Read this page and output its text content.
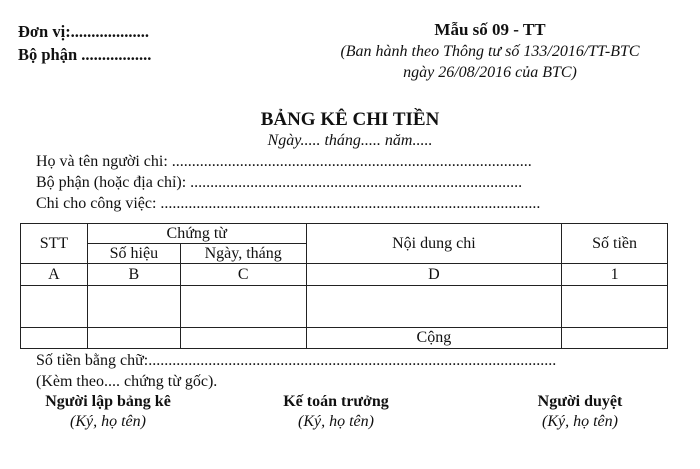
Đơn vị:...................
Bộ phận .................
Mẫu số 09 - TT
(Ban hành theo Thông tư số 133/2016/TT-BTC
ngày 26/08/2016 của BTC)
BẢNG KÊ CHI TIỀN
Ngày..... tháng..... năm.....
Họ và tên người chi: ..........................................................................................
Bộ phận (hoặc địa chỉ): ...................................................................................
Chi cho công việc: ...............................................................................................
STT	Chứng từ		Nội dung chi	Số tiền
	Số hiệu	Ngày, tháng		
A	B	C	D	1

			Cộng	
Số tiền bằng chữ:......................................................................................................
(Kèm theo.... chứng từ gốc).
Người lập bảng kê
(Ký, họ tên)
Kế toán trưởng
(Ký, họ tên)
Người duyệt
(Ký, họ tên)
